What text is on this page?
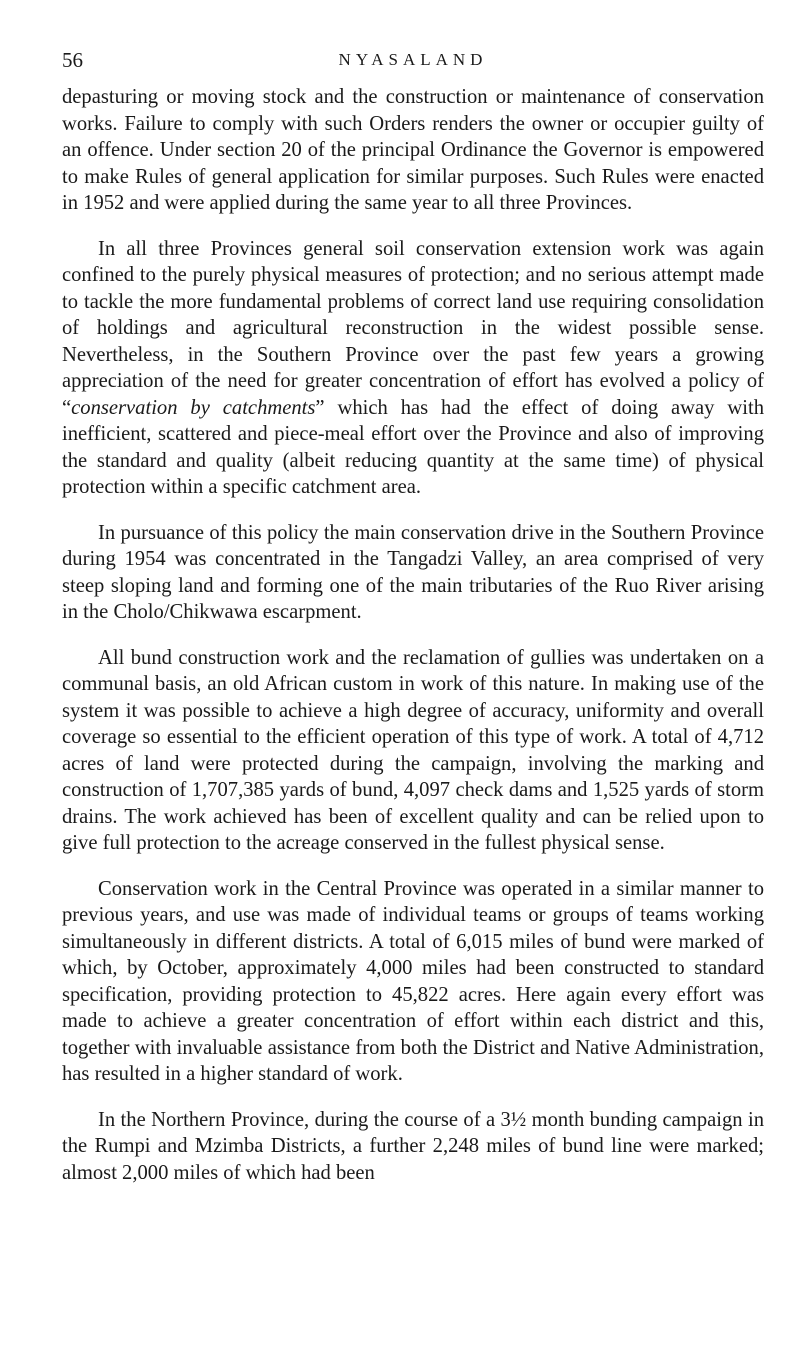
56	NYASALAND

depasturing or moving stock and the construction or maintenance of conservation works. Failure to comply with such Orders renders the owner or occupier guilty of an offence. Under section 20 of the principal Ordinance the Governor is empowered to make Rules of general application for similar purposes. Such Rules were enacted in 1952 and were applied during the same year to all three Provinces.

In all three Provinces general soil conservation extension work was again confined to the purely physical measures of protection; and no serious attempt made to tackle the more fundamental problems of correct land use requiring consolidation of holdings and agricultural reconstruction in the widest possible sense. Nevertheless, in the Southern Province over the past few years a growing appreciation of the need for greater concentration of effort has evolved a policy of “conservation by catchments” which has had the effect of doing away with inefficient, scattered and piece-meal effort over the Province and also of improving the standard and quality (albeit reducing quantity at the same time) of physical protection within a specific catchment area.

In pursuance of this policy the main conservation drive in the Southern Province during 1954 was concentrated in the Tangadzi Valley, an area comprised of very steep sloping land and forming one of the main tributaries of the Ruo River arising in the Cholo/Chikwawa escarpment.

All bund construction work and the reclamation of gullies was undertaken on a communal basis, an old African custom in work of this nature. In making use of the system it was possible to achieve a high degree of accuracy, uniformity and overall coverage so essential to the efficient operation of this type of work. A total of 4,712 acres of land were protected during the campaign, involving the marking and construction of 1,707,385 yards of bund, 4,097 check dams and 1,525 yards of storm drains. The work achieved has been of excellent quality and can be relied upon to give full protection to the acreage conserved in the fullest physical sense.

Conservation work in the Central Province was operated in a similar manner to previous years, and use was made of individual teams or groups of teams working simultaneously in different districts. A total of 6,015 miles of bund were marked of which, by October, approximately 4,000 miles had been constructed to standard specification, providing protection to 45,822 acres. Here again every effort was made to achieve a greater concentration of effort within each district and this, together with invaluable assistance from both the District and Native Administration, has resulted in a higher standard of work.

In the Northern Province, during the course of a 3½ month bunding campaign in the Rumpi and Mzimba Districts, a further 2,248 miles of bund line were marked; almost 2,000 miles of which had been
